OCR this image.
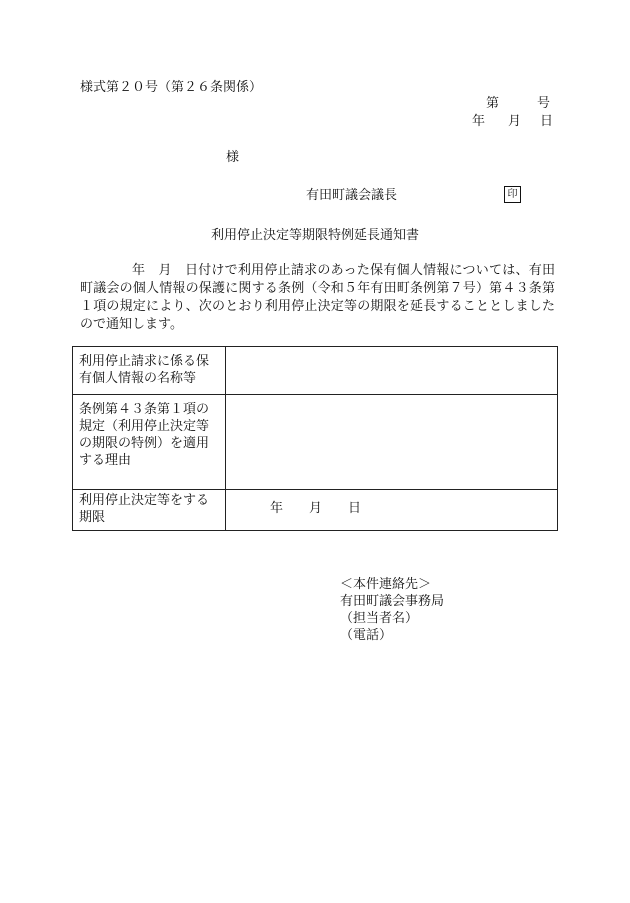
様式第２０号（第２６条関係）
第	号
年 月 日
様
有田町議会議長	印
利用停止決定等期限特例延長通知書
年　月　日付けで利用停止請求のあった保有個人情報については、有田町議会の個人情報の保護に関する条例（令和５年有田町条例第７号）第４３条第１項の規定により、次のとおり利用停止決定等の期限を延長することとしましたので通知します。
利用停止請求に係る保有個人情報の名称等	
条例第４３条第１項の規定（利用停止決定等の期限の特例）を適用する理由	
利用停止決定等をする期限	年 月 日
＜本件連絡先＞
有田町議会事務局
（担当者名）
（電話）
